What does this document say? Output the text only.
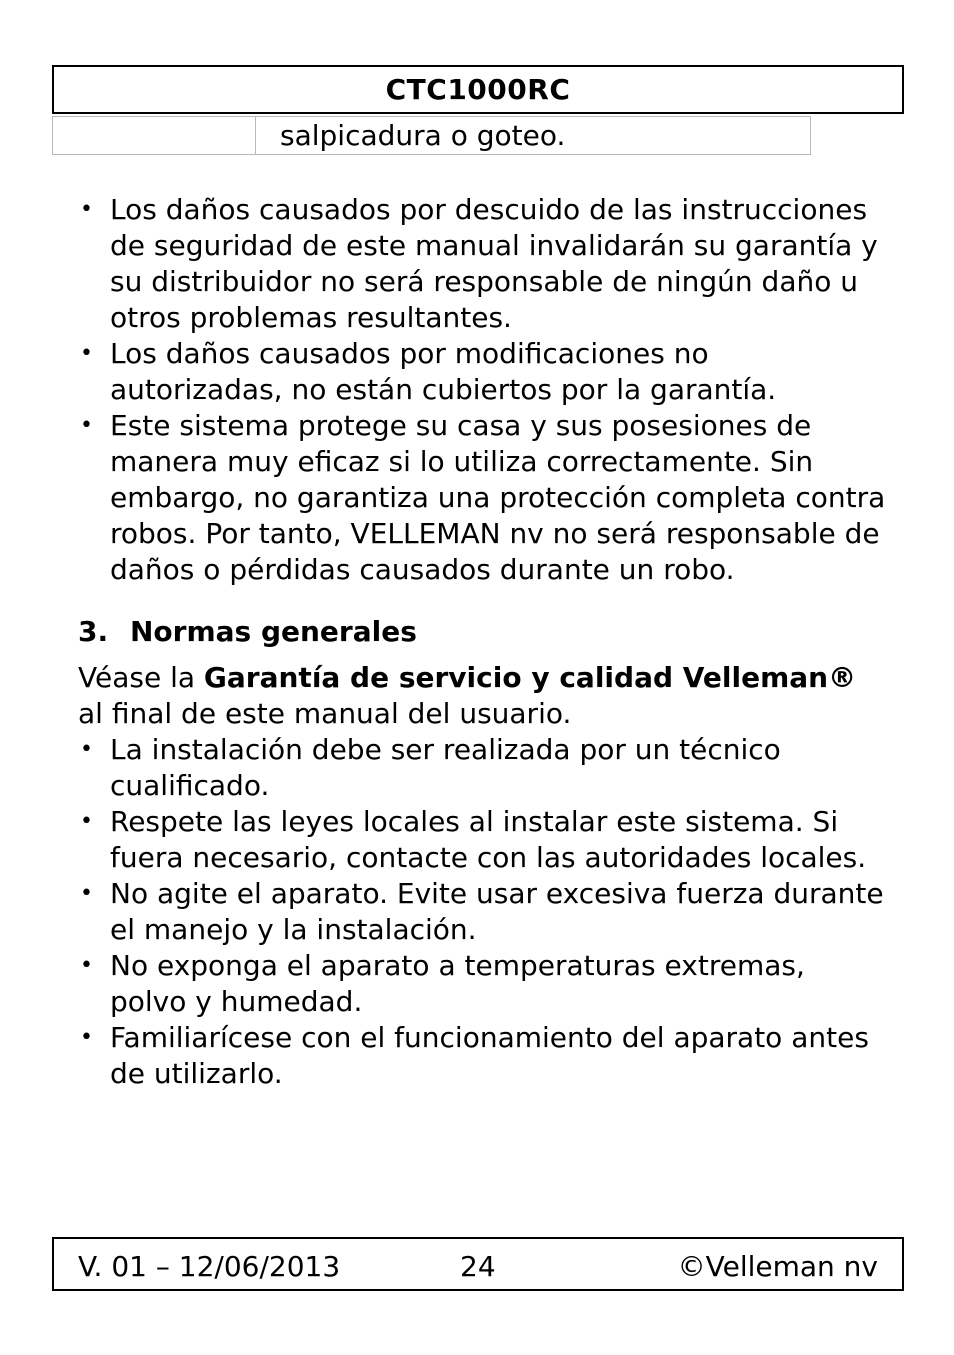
CTC1000RC
	salpicadura o goteo.
• Los daños causados por descuido de las instrucciones de seguridad de este manual invalidarán su garantía y su distribuidor no será responsable de ningún daño u otros problemas resultantes.
• Los daños causados por modificaciones no autorizadas, no están cubiertos por la garantía.
• Este sistema protege su casa y sus posesiones de manera muy eficaz si lo utiliza correctamente. Sin embargo, no garantiza una protección completa contra robos. Por tanto, VELLEMAN nv no será responsable de daños o pérdidas causados durante un robo.
3. Normas generales

Véase la Garantía de servicio y calidad Velleman® al final de este manual del usuario.

• La instalación debe ser realizada por un técnico cualificado.
• Respete las leyes locales al instalar este sistema. Si fuera necesario, contacte con las autoridades locales.
• No agite el aparato. Evite usar excesiva fuerza durante el manejo y la instalación.
• No exponga el aparato a temperaturas extremas, polvo y humedad.
• Familiarícese con el funcionamiento del aparato antes de utilizarlo.
V. 01 – 12/06/2013	24	©Velleman nv
